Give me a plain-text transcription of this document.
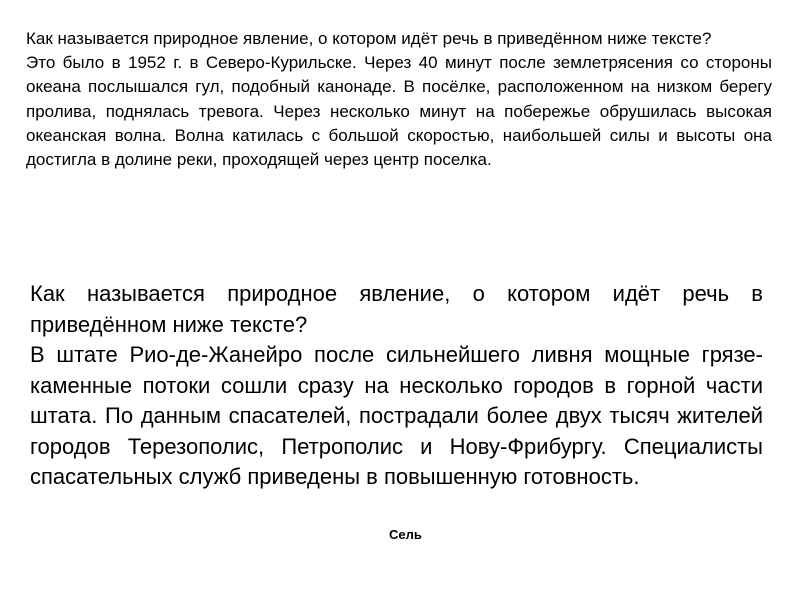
Как называется природное явление, о котором идёт речь в приведённом ниже тексте?

Это было в 1952 г. в Северо-Курильске. Через 40 минут после землетрясения со стороны океана послышался гул, подобный канонаде. В посёлке, расположенном на низком берегу пролива, поднялась тревога. Через несколько минут на побережье обрушилась высокая океанская волна. Волна катилась с большой скоростью, наибольшей силы и высоты она достигла в долине реки, проходящей через центр поселка.

Как называется природное явление, о котором идёт речь в приведённом ниже тексте?

В штате Рио-де-Жанейро после сильнейшего ливня мощные грязе-каменные потоки сошли сразу на несколько городов в горной части штата. По данным спасателей, пострадали более двух тысяч жителей городов Терезополис, Петрополис и Нову-Фрибургу. Специалисты спасательных служб приведены в повышенную готовность.

Сель
